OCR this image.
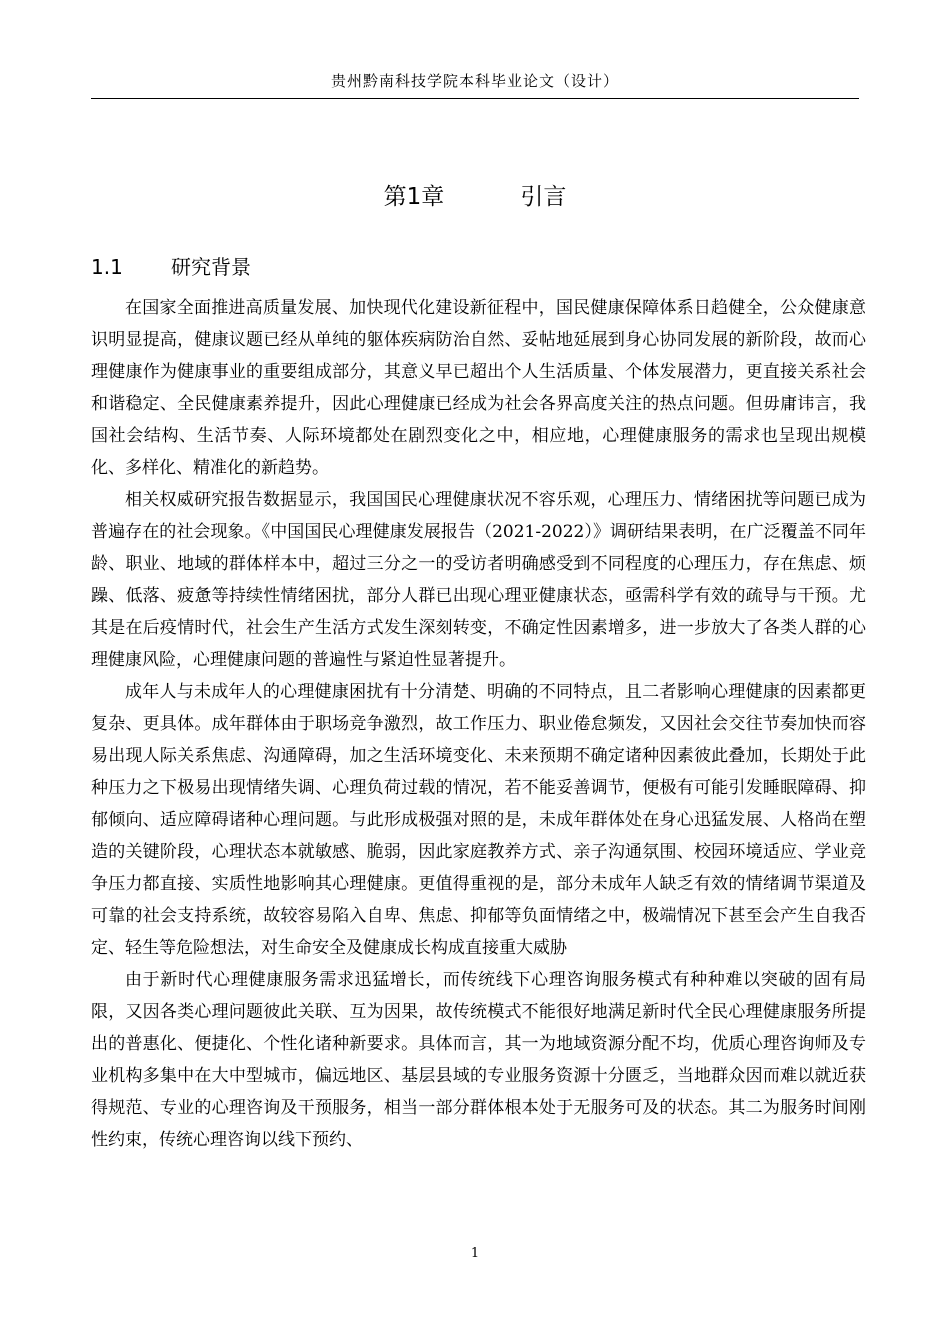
贵州黔南科技学院本科毕业论文（设计）
第1章	引言
1.1 研究背景

在国家全面推进高质量发展、加快现代化建设新征程中，国民健康保障体系日趋健全，公众健康意识明显提高，健康议题已经从单纯的躯体疾病防治自然、妥帖地延展到身心协同发展的新阶段，故而心理健康作为健康事业的重要组成部分，其意义早已超出个人生活质量、个体发展潜力，更直接关系社会和谐稳定、全民健康素养提升，因此心理健康已经成为社会各界高度关注的热点问题。但毋庸讳言，我国社会结构、生活节奏、人际环境都处在剧烈变化之中，相应地，心理健康服务的需求也呈现出规模化、多样化、精准化的新趋势。

相关权威研究报告数据显示，我国国民心理健康状况不容乐观，心理压力、情绪困扰等问题已成为普遍存在的社会现象。《中国国民心理健康发展报告（2021-2022）》调研结果表明，在广泛覆盖不同年龄、职业、地域的群体样本中，超过三分之一的受访者明确感受到不同程度的心理压力，存在焦虑、烦躁、低落、疲惫等持续性情绪困扰，部分人群已出现心理亚健康状态，亟需科学有效的疏导与干预。尤其是在后疫情时代，社会生产生活方式发生深刻转变，不确定性因素增多，进一步放大了各类人群的心理健康风险，心理健康问题的普遍性与紧迫性显著提升。

成年人与未成年人的心理健康困扰有十分清楚、明确的不同特点，且二者影响心理健康的因素都更复杂、更具体。成年群体由于职场竞争激烈，故工作压力、职业倦怠频发，又因社会交往节奏加快而容易出现人际关系焦虑、沟通障碍，加之生活环境变化、未来预期不确定诸种因素彼此叠加，长期处于此种压力之下极易出现情绪失调、心理负荷过载的情况，若不能妥善调节，便极有可能引发睡眠障碍、抑郁倾向、适应障碍诸种心理问题。与此形成极强对照的是，未成年群体处在身心迅猛发展、人格尚在塑造的关键阶段，心理状态本就敏感、脆弱，因此家庭教养方式、亲子沟通氛围、校园环境适应、学业竞争压力都直接、实质性地影响其心理健康。更值得重视的是，部分未成年人缺乏有效的情绪调节渠道及可靠的社会支持系统，故较容易陷入自卑、焦虑、抑郁等负面情绪之中，极端情况下甚至会产生自我否定、轻生等危险想法，对生命安全及健康成长构成直接重大威胁

由于新时代心理健康服务需求迅猛增长，而传统线下心理咨询服务模式有种种难以突破的固有局限，又因各类心理问题彼此关联、互为因果，故传统模式不能很好地满足新时代全民心理健康服务所提出的普惠化、便捷化、个性化诸种新要求。具体而言，其一为地域资源分配不均，优质心理咨询师及专业机构多集中在大中型城市，偏远地区、基层县域的专业服务资源十分匮乏，当地群众因而难以就近获得规范、专业的心理咨询及干预服务，相当一部分群体根本处于无服务可及的状态。其二为服务时间刚性约束，传统心理咨询以线下预约、

1
